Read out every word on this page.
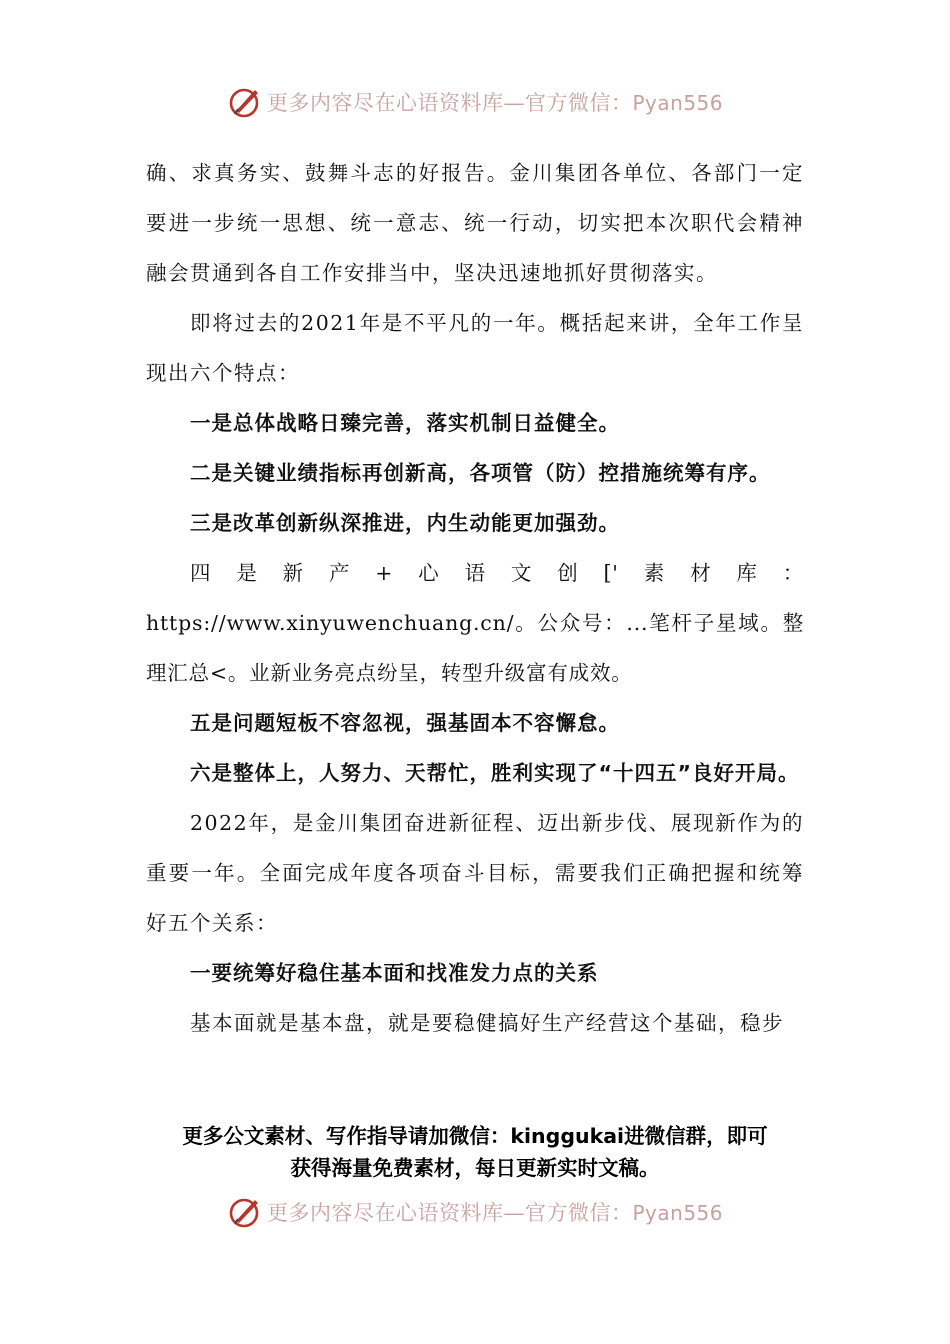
更多内容尽在心语资料库—官方微信：Pyan556

确、求真务实、鼓舞斗志的好报告。金川集团各单位、各部门一定要进一步统一思想、统一意志、统一行动，切实把本次职代会精神融会贯通到各自工作安排当中，坚决迅速地抓好贯彻落实。

即将过去的2021年是不平凡的一年。概括起来讲，全年工作呈现出六个特点：

一是总体战略日臻完善，落实机制日益健全。

二是关键业绩指标再创新高，各项管（防）控措施统筹有序。

三是改革创新纵深推进，内生动能更加强劲。

四是新产+心语文创['素材库：https://www.xinyuwenchuang.cn/。公众号：...笔杆子星域。整理汇总<。业新业务亮点纷呈，转型升级富有成效。

五是问题短板不容忽视，强基固本不容懈怠。

六是整体上，人努力、天帮忙，胜利实现了“十四五”良好开局。

2022年，是金川集团奋进新征程、迈出新步伐、展现新作为的重要一年。全面完成年度各项奋斗目标，需要我们正确把握和统筹好五个关系：

一要统筹好稳住基本面和找准发力点的关系

基本面就是基本盘，就是要稳健搞好生产经营这个基础，稳步

更多公文素材、写作指导请加微信：kinggukai进微信群，即可
获得海量免费素材，每日更新实时文稿。
更多内容尽在心语资料库—官方微信：Pyan556
